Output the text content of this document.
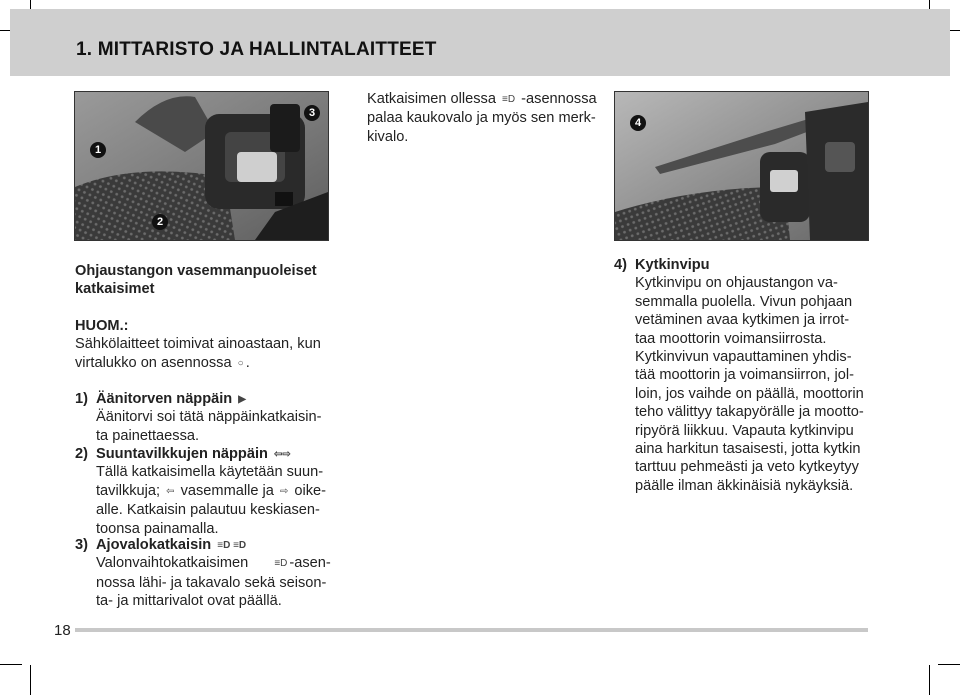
1. MITTARISTO JA HALLINTALAITTEET
1
2
3
4

Katkaisimen ollessa ≡D -asennossa

palaa kaukovalo ja myös sen merk-

kivalo.

Ohjaustangon vasemmanpuoleiset

katkaisimet

HUOM.:

Sähkölaitteet toimivat ainoastaan, kun

virtalukko on asennossa ○ .

1) Äänitorven näppäin ▶

Äänitorvi soi tätä näppäinkatkaisin-

ta painettaessa.

2) Suuntavilkkujen näppäin ⇦⇨

Tällä katkaisimella käytetään suun-

tavilkkuja; ⇦ vasemmalle ja ⇨ oike-

alle. Katkaisin palautuu keskiasen-

toonsa painamalla.

3) Ajovalokatkaisin ≡D ≡D

Valonvaihtokatkaisimen	≡D -asen-

nossa lähi- ja takavalo sekä seison-

ta- ja mittarivalot ovat päällä.

4) Kytkinvipu

Kytkinvipu on ohjaustangon va-

semmalla puolella. Vivun pohjaan

vetäminen avaa kytkimen ja irrot-

taa moottorin voimansiirrosta.

Kytkinvivun vapauttaminen yhdis-

tää moottorin ja voimansiirron, jol-

loin, jos vaihde on päällä, moottorin

teho välittyy takapyörälle ja mootto-

ripyörä liikkuu. Vapauta kytkinvipu

aina harkitun tasaisesti, jotta kytkin

tarttuu pehmeästi ja veto kytkeytyy

päälle ilman äkkinäisiä nykäyksiä.

18
